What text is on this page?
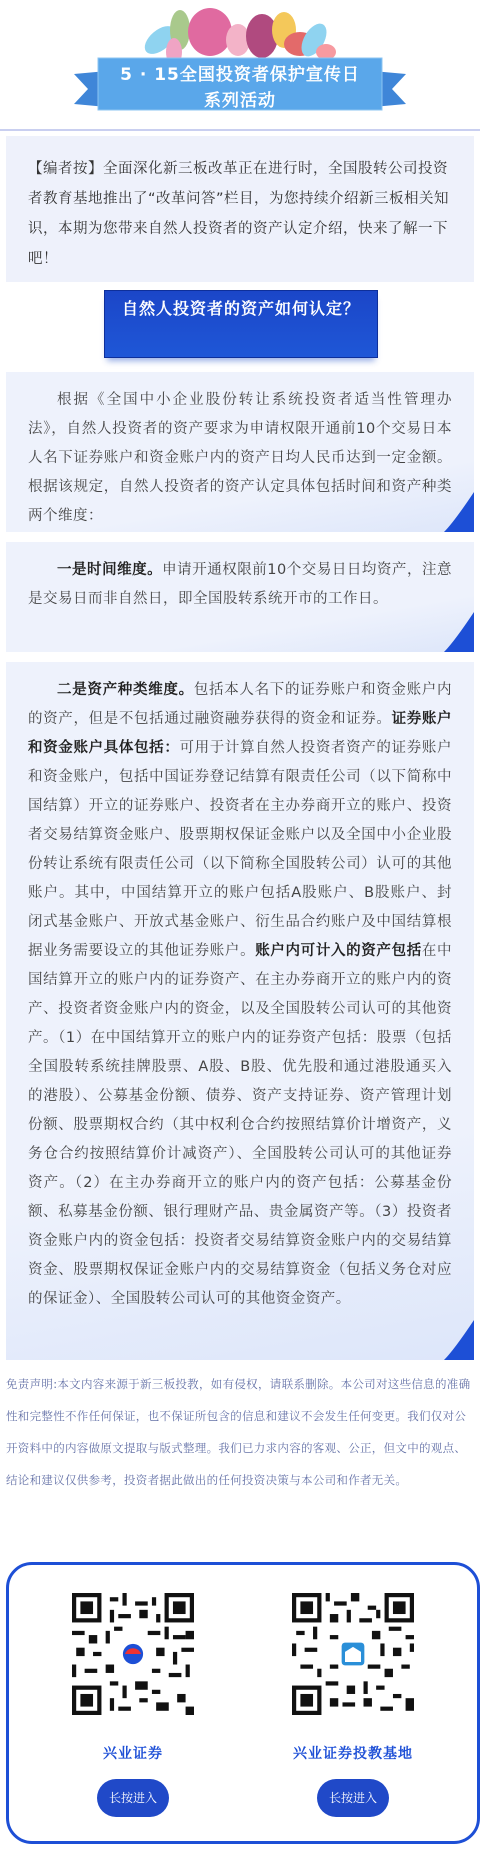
5 · 15全国投资者保护宣传日
系列活动

【编者按】全面深化新三板改革正在进行时，全国股转公司投资者教育基地推出了“改革问答”栏目，为您持续介绍新三板相关知识，本期为您带来自然人投资者的资产认定介绍，快来了解一下吧！

自然人投资者的资产如何认定？

根据《全国中小企业股份转让系统投资者适当性管理办法》，自然人投资者的资产要求为申请权限开通前10个交易日本人名下证券账户和资金账户内的资产日均人民币达到一定金额。根据该规定，自然人投资者的资产认定具体包括时间和资产种类两个维度：

一是时间维度。申请开通权限前10个交易日日均资产，注意是交易日而非自然日，即全国股转系统开市的工作日。

二是资产种类维度。包括本人名下的证券账户和资金账户内的资产，但是不包括通过融资融券获得的资金和证券。证券账户和资金账户具体包括：可用于计算自然人投资者资产的证券账户和资金账户，包括中国证券登记结算有限责任公司（以下简称中国结算）开立的证券账户、投资者在主办券商开立的账户、投资者交易结算资金账户、股票期权保证金账户以及全国中小企业股份转让系统有限责任公司（以下简称全国股转公司）认可的其他账户。其中，中国结算开立的账户包括A股账户、B股账户、封闭式基金账户、开放式基金账户、衍生品合约账户及中国结算根据业务需要设立的其他证券账户。账户内可计入的资产包括在中国结算开立的账户内的证券资产、在主办券商开立的账户内的资产、投资者资金账户内的资金，以及全国股转公司认可的其他资产。（1）在中国结算开立的账户内的证券资产包括：股票（包括全国股转系统挂牌股票、A股、B股、优先股和通过港股通买入的港股）、公募基金份额、债券、资产支持证券、资产管理计划份额、股票期权合约（其中权利仓合约按照结算价计增资产，义务仓合约按照结算价计减资产）、全国股转公司认可的其他证券资产。（2）在主办券商开立的账户内的资产包括：公募基金份额、私募基金份额、银行理财产品、贵金属资产等。（3）投资者资金账户内的资金包括：投资者交易结算资金账户内的交易结算资金、股票期权保证金账户内的交易结算资金（包括义务仓对应的保证金）、全国股转公司认可的其他资金资产。

免责声明:本文内容来源于新三板投教，如有侵权，请联系删除。本公司对这些信息的准确性和完整性不作任何保证，也不保证所包含的信息和建议不会发生任何变更。我们仅对公开资料中的内容做原文提取与版式整理。我们已力求内容的客观、公正，但文中的观点、结论和建议仅供参考，投资者据此做出的任何投资决策与本公司和作者无关。
兴业证券
长按进入
兴业证券投教基地
长按进入
